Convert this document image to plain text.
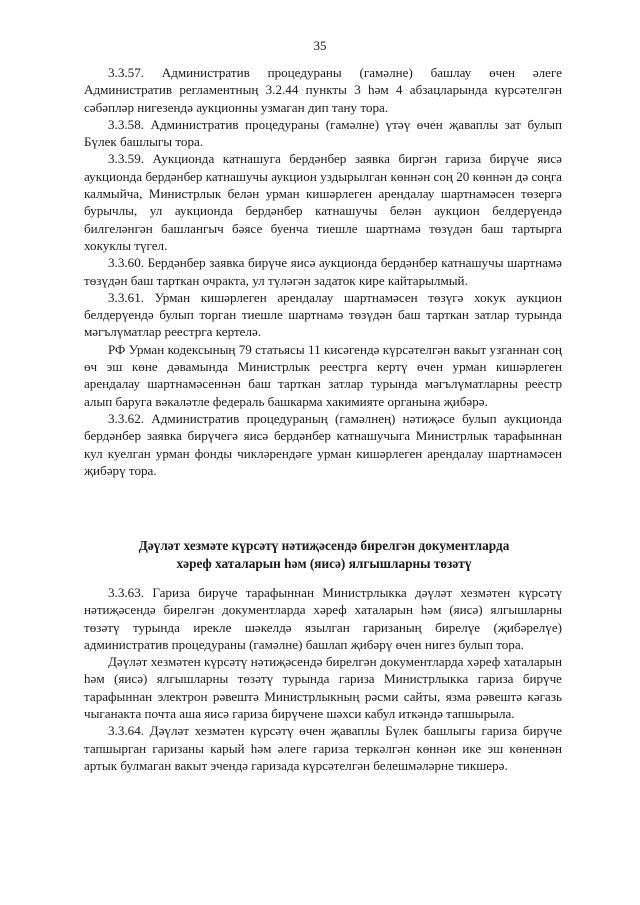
35

3.3.57. Административ процедураны (гамәлне) башлау өчен әлеге Административ регламентның 3.2.44 пункты 3 һәм 4 абзацларында күрсәтелгән сәбәпләр нигезендә аукционны узмаган дип тану тора.

3.3.58. Административ процедураны (гамәлне) үтәү өчен җаваплы зат булып Бүлек башлыгы тора.

3.3.59. Аукционда катнашуга бердәнбер заявка биргән гариза бирүче яисә аукционда бердәнбер катнашучы аукцион уздырылган көннән соң 20 көннән дә соңга калмыйча, Министрлык белән урман кишәрлеген арендалау шартнамәсен төзергә бурычлы, ул аукционда бердәнбер катнашучы белән аукцион белдерүендә билгеләнгән башлангыч бәясе буенча тиешле шартнамә төзүдән баш тартырга хокуклы түгел.

3.3.60. Бердәнбер заявка бирүче яисә аукционда бердәнбер катнашучы шартнамә төзүдән баш тарткан очракта, ул түләгән задаток кире кайтарылмый.

3.3.61. Урман кишәрлеген арендалау шартнамәсен төзүгә хокук аукцион белдерүендә булып торган тиешле шартнамә төзүдән баш тарткан затлар турында мәгълүматлар реестрга кертелә.

РФ Урман кодексының 79 статьясы 11 кисәгендә күрсәтелгән вакыт узганнан соң өч эш көне дәвамында Министрлык реестрга кертү өчен урман кишәрлеген арендалау шартнамәсеннән баш тарткан затлар турында мәгълүматларны реестр алып баруга вәкаләтле федераль башкарма хакимияте органына җибәрә.

3.3.62. Административ процедураның (гамәлнең) нәтиҗәсе булып аукционда бердәнбер заявка бирүчегә яисә бердәнбер катнашучыга Министрлык тарафыннан кул куелган урман фонды чикләрендәге урман кишәрлеген арендалау шартнамәсен җибәрү тора.

Дәүләт хезмәте күрсәтү нәтиҗәсендә бирелгән документларда
хәреф хаталарын һәм (яисә) ялгышларны төзәтү

3.3.63. Гариза бирүче тарафыннан Министрлыкка дәүләт хезмәтен күрсәтү нәтиҗәсендә бирелгән документларда хәреф хаталарын һәм (яисә) ялгышларны төзәтү турында ирекле шәкелдә язылган гаризаның бирелүе (җибәрелүе) административ процедураны (гамәлне) башлап җибәрү өчен нигез булып тора.

Дәүләт хезмәтен күрсәтү нәтиҗәсендә бирелгән документларда хәреф хаталарын һәм (яисә) ялгышларны төзәтү турында гариза Министрлыкка гариза бирүче тарафыннан электрон рәвештә Министрлыкның рәсми сайты, язма рәвештә кәгазь чыганакта почта аша яисә гариза бирүчене шәхси кабул иткәндә тапшырыла.

3.3.64. Дәүләт хезмәтен күрсәтү өчен җаваплы Бүлек башлыгы гариза бирүче тапшырган гаризаны карый һәм әлеге гариза теркәлгән көннән ике эш көненнән артык булмаган вакыт эчендә гаризада күрсәтелгән белешмәләрне тикшерә.
